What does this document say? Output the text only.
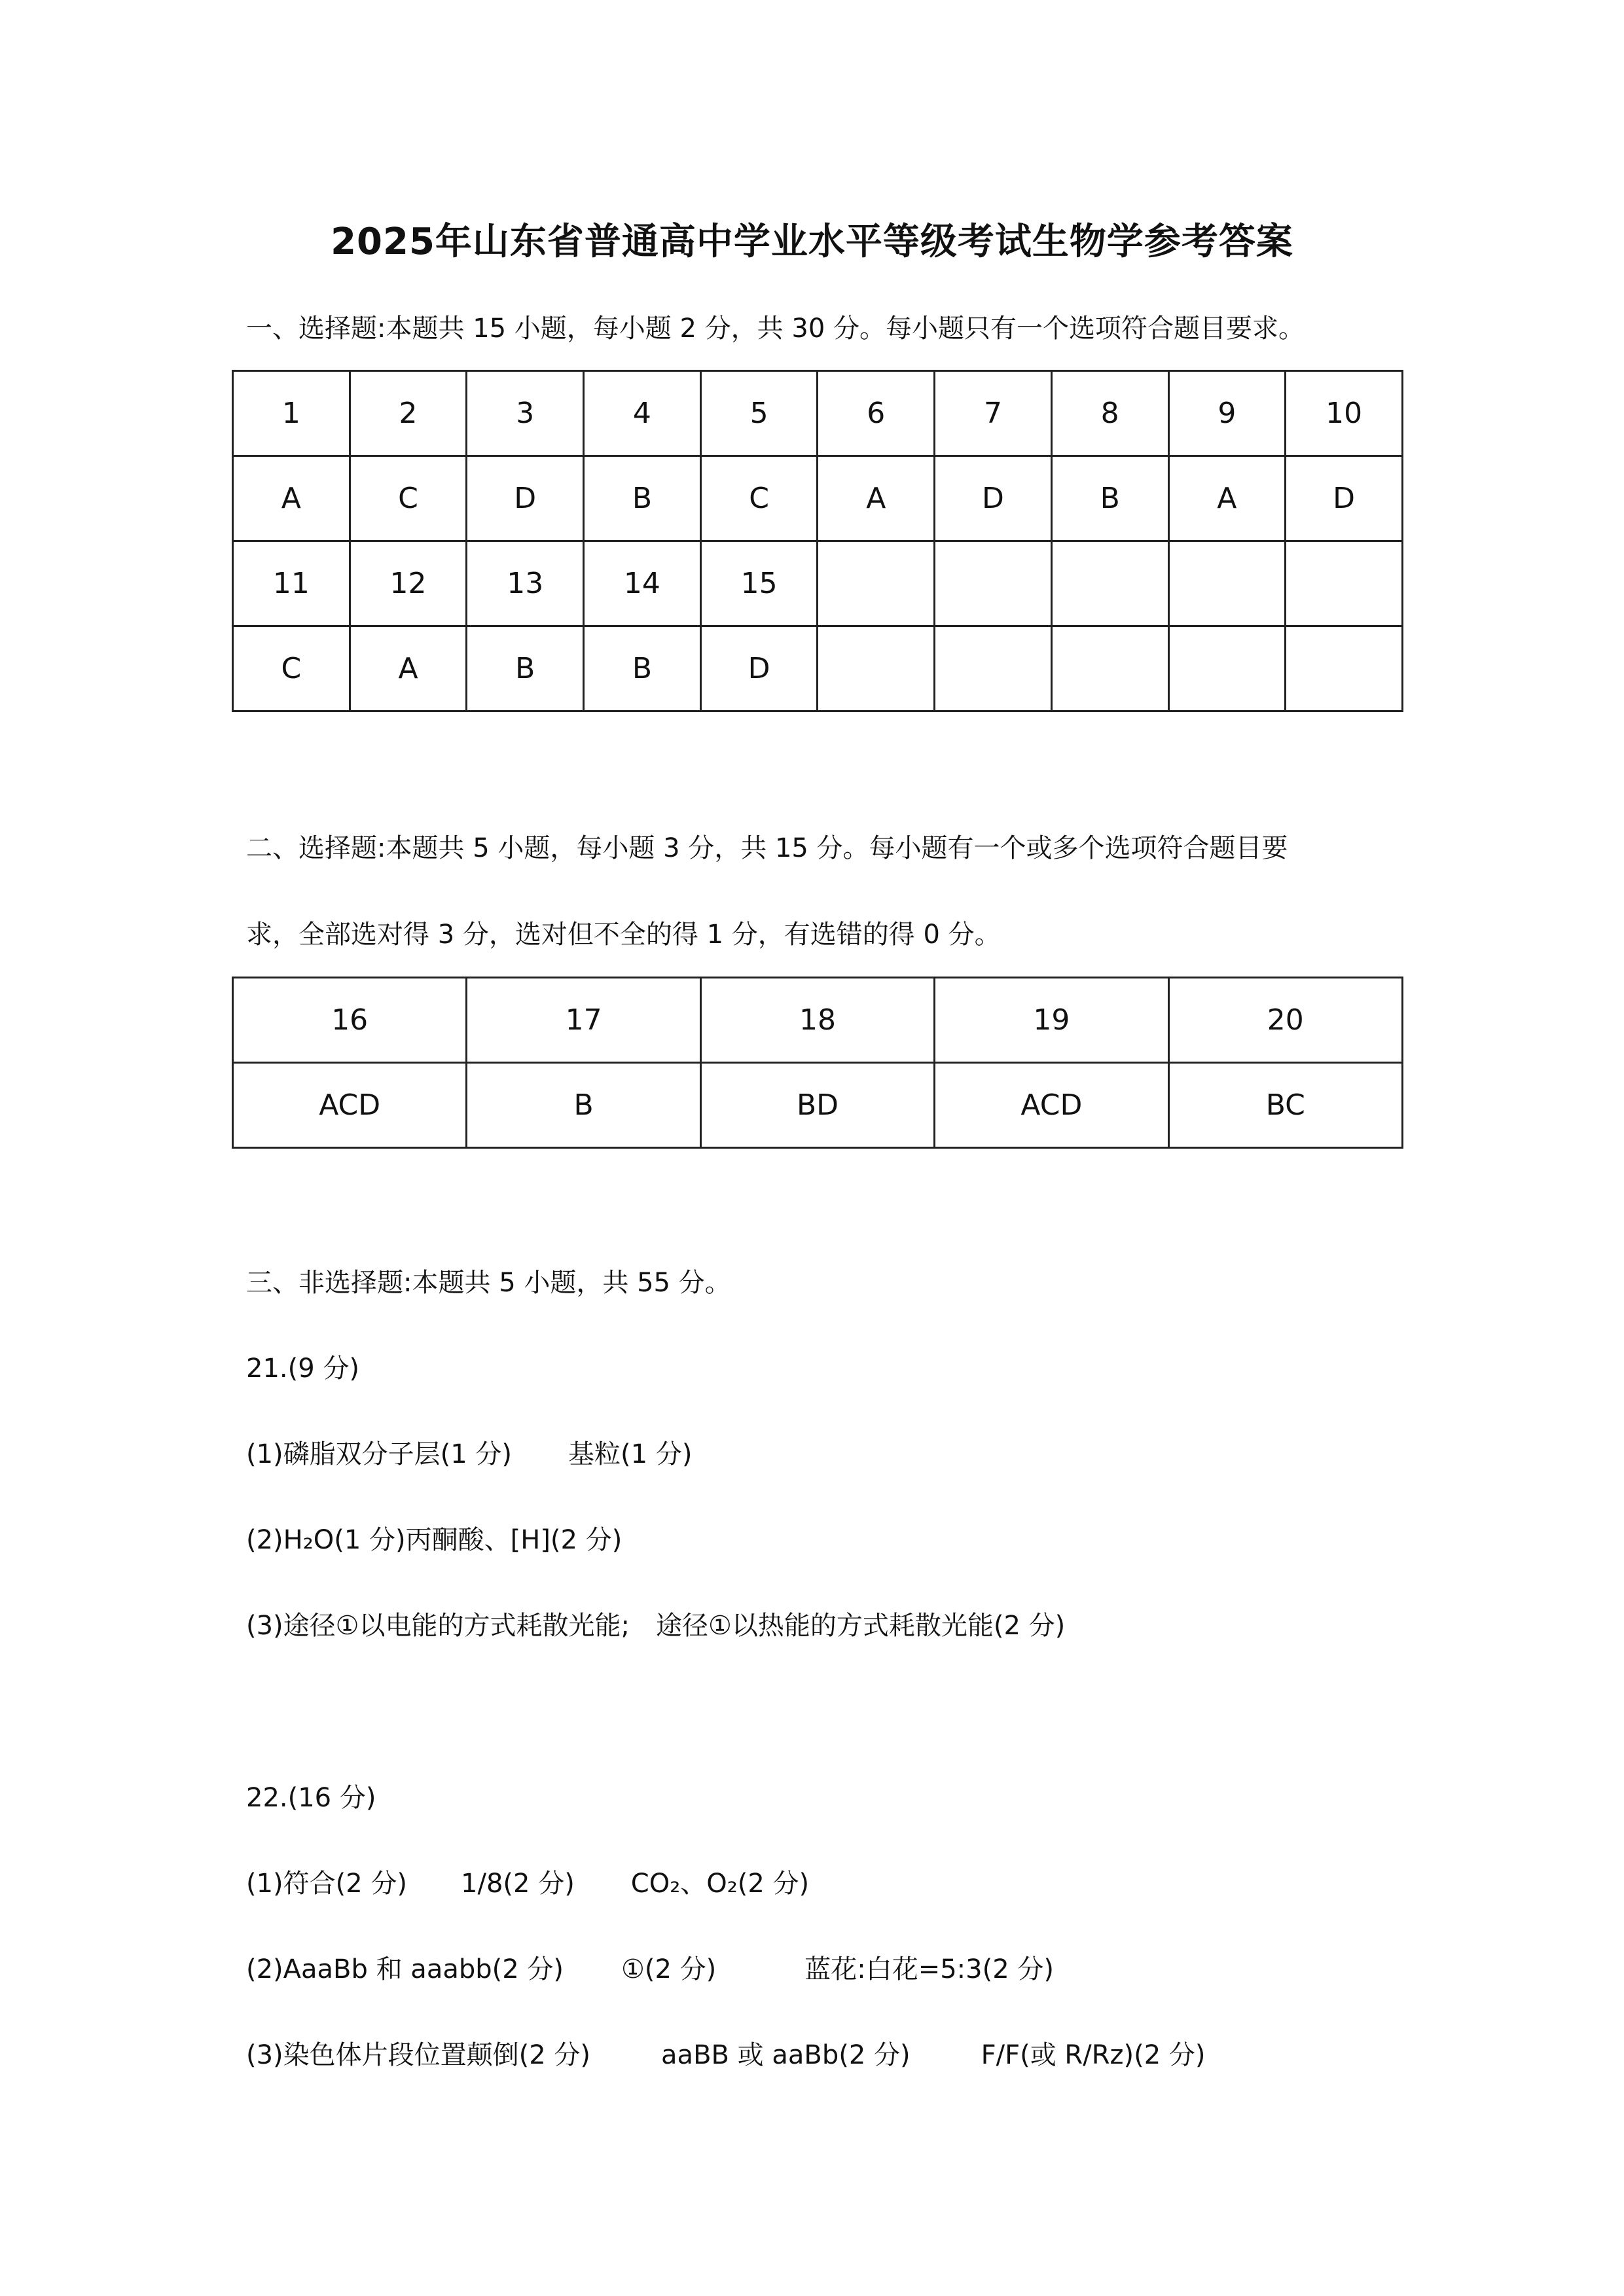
2025年山东省普通高中学业水平等级考试生物学参考答案
一、选择题:本题共 15 小题，每小题 2 分，共 30 分。每小题只有一个选项符合题目要求。
1	2	3	4	5	6	7	8	9	10
A	C	D	B	C	A	D	B	A	D
11	12	13	14	15					
C	A	B	B	D					
二、选择题:本题共 5 小题，每小题 3 分，共 15 分。每小题有一个或多个选项符合题目要
求，全部选对得 3 分，选对但不全的得 1 分，有选错的得 0 分。
16	17	18	19	20
ACD	B	BD	ACD	BC
三、非选择题:本题共 5 小题，共 55 分。
21.(9 分)
(1)磷脂双分子层(1 分) 基粒(1 分)
(2)H₂O(1 分)丙酮酸、[H](2 分)
(3)途径①以电能的方式耗散光能; 途径①以热能的方式耗散光能(2 分)
22.(16 分)
(1)符合(2 分) 1/8(2 分) CO₂、O₂(2 分)
(2)AaaBb 和 aaabb(2 分) ①(2 分)	蓝花:白花=5:3(2 分)
(3)染色体片段位置颠倒(2 分)	aaBB 或 aaBb(2 分)	F/F(或 R/Rz)(2 分)
